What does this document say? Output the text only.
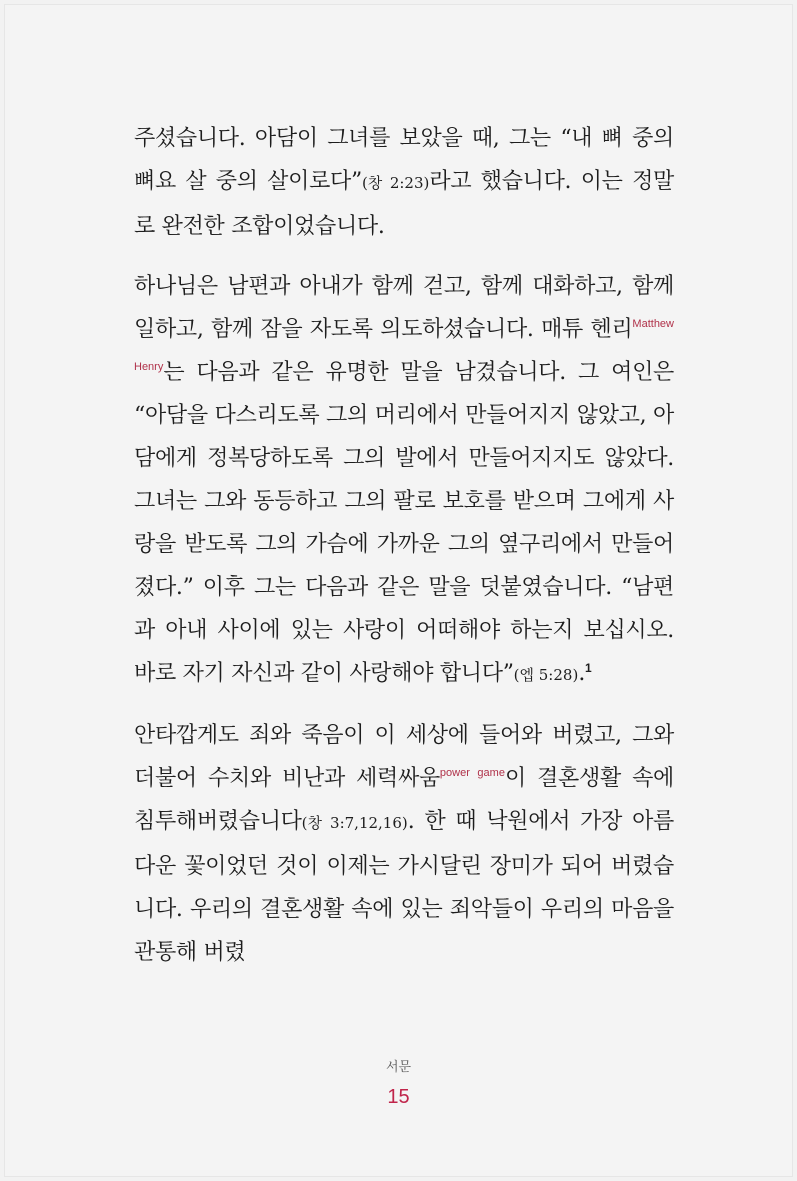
주셨습니다. 아담이 그녀를 보았을 때, 그는 “내 뼈 중의 뼈요 살 중의 살이로다”(창 2:23)라고 했습니다. 이는 정말로 완전한 조합이었습니다.

하나님은 남편과 아내가 함께 걷고, 함께 대화하고, 함께 일하고, 함께 잠을 자도록 의도하셨습니다. 매튜 헨리$^{Matthew Henry}$는 다음과 같은 유명한 말을 남겼습니다. 그 여인은 “아담을 다스리도록 그의 머리에서 만들어지지 않았고, 아담에게 정복당하도록 그의 발에서 만들어지지도 않았다. 그녀는 그와 동등하고 그의 팔로 보호를 받으며 그에게 사랑을 받도록 그의 가슴에 가까운 그의 옆구리에서 만들어졌다.” 이후 그는 다음과 같은 말을 덧붙였습니다. “남편과 아내 사이에 있는 사랑이 어떠해야 하는지 보십시오. 바로 자기 자신과 같이 사랑해야 합니다”(엡 5:28).$^1$

안타깝게도 죄와 죽음이 이 세상에 들어와 버렸고, 그와 더불어 수치와 비난과 세력싸움$^{power game}$이 결혼생활 속에 침투해버렸습니다(창 3:7,12,16). 한 때 낙원에서 가장 아름다운 꽃이었던 것이 이제는 가시달린 장미가 되어 버렸습니다. 우리의 결혼생활 속에 있는 죄악들이 우리의 마음을 관통해 버렸

서문
15
